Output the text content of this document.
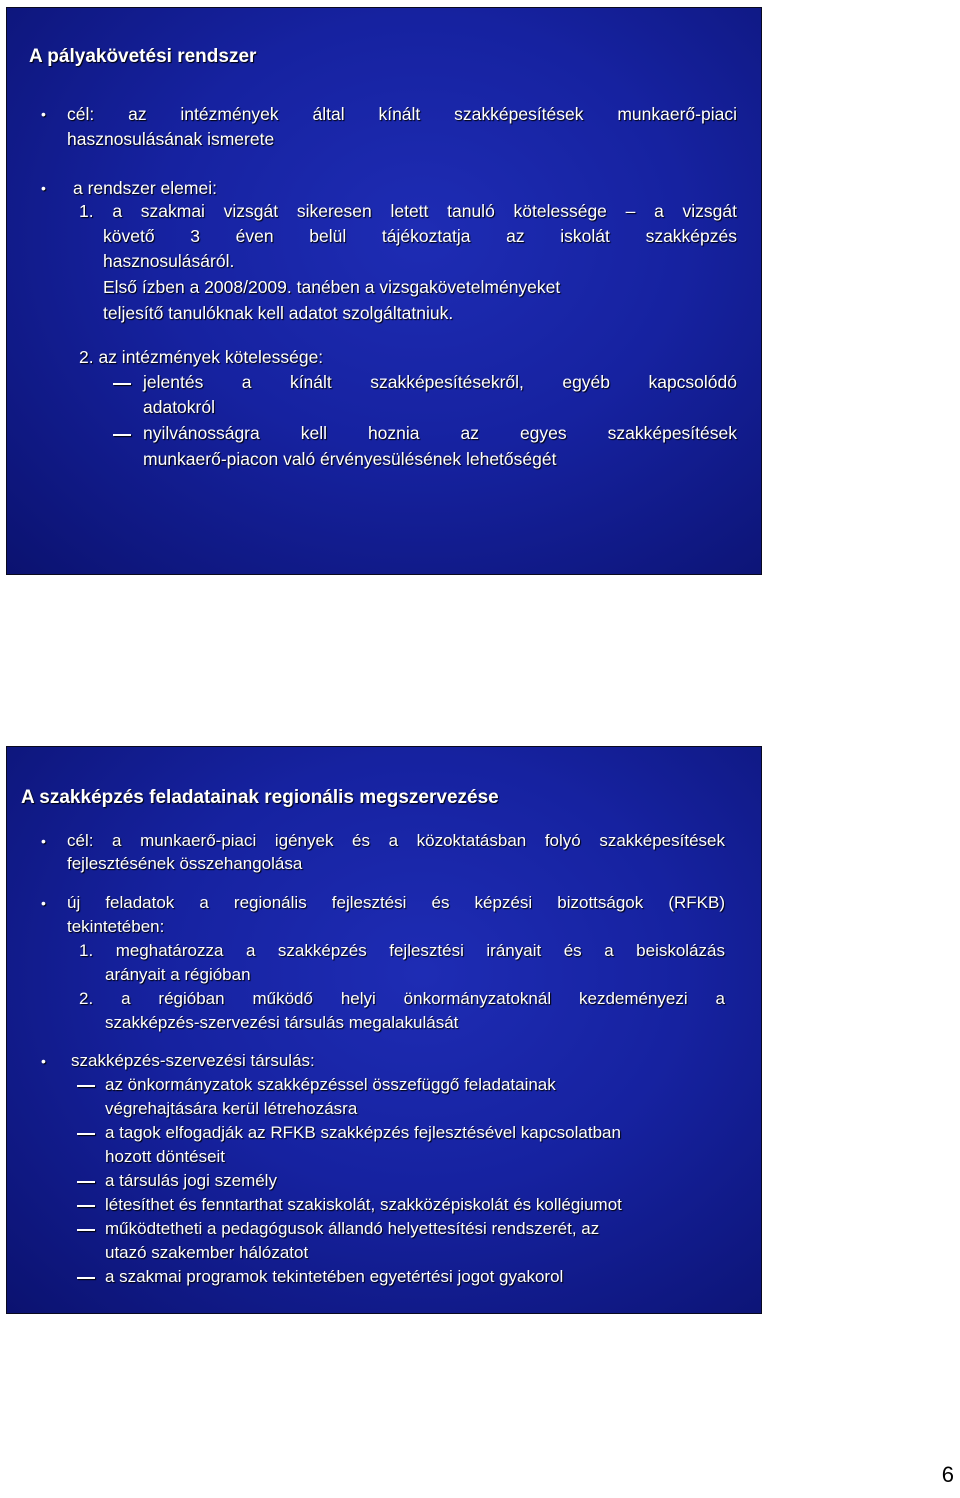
A pályakövetési rendszer
• cél: az intézmények által kínált szakképesítések munkaerő-piaci
hasznosulásának ismerete
• a rendszer elemei:
1. a szakmai vizsgát sikeresen letett tanuló kötelessége – a vizsgát
követő 3 éven belül tájékoztatja az iskolát szakképzés
hasznosulásáról.
Első ízben a 2008/2009. tanében a vizsgakövetelményeket
teljesítő tanulóknak kell adatot szolgáltatniuk.
2. az intézmények kötelessége:
jelentés a kínált szakképesítésekről, egyéb kapcsolódó
adatokról
nyilvánosságra kell hoznia az egyes szakképesítések
munkaerő-piacon való érvényesülésének lehetőségét
A szakképzés feladatainak regionális megszervezése
• cél: a munkaerő-piaci igények és a közoktatásban folyó szakképesítések
fejlesztésének összehangolása
• új feladatok a regionális fejlesztési és képzési bizottságok (RFKB)
tekintetében:
1. meghatározza a szakképzés fejlesztési irányait és a beiskolázás
arányait a régióban
2. a régióban működő helyi önkormányzatoknál kezdeményezi a
szakképzés-szervezési társulás megalakulását
• szakképzés-szervezési társulás:
az önkormányzatok szakképzéssel összefüggő feladatainak
végrehajtására kerül létrehozásra
a tagok elfogadják az RFKB szakképzés fejlesztésével kapcsolatban
hozott döntéseit
a társulás jogi személy
létesíthet és fenntarthat szakiskolát, szakközépiskolát és kollégiumot
működtetheti a pedagógusok állandó helyettesítési rendszerét, az
utazó szakember hálózatot
a szakmai programok tekintetében egyetértési jogot gyakorol
6
